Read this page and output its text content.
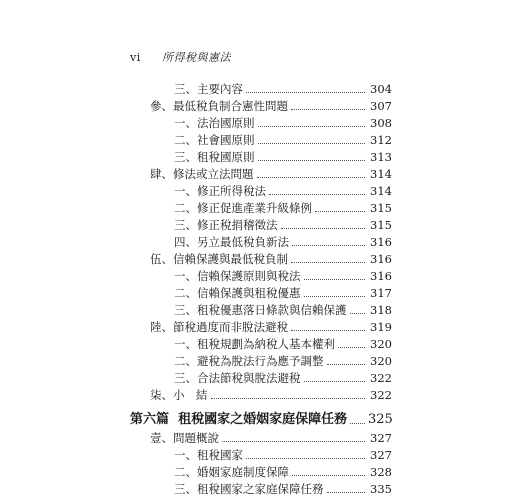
vi 所得稅與憲法
三、主要內容	304
參、最低稅負制合憲性問題	307
一、法治國原則	308
二、社會國原則	312
三、租稅國原則	313
肆、修法或立法問題	314
一、修正所得稅法	314
二、修正促進產業升級條例	315
三、修正稅捐稽徵法	315
四、另立最低稅負新法	316
伍、信賴保護與最低稅負制	316
一、信賴保護原則與稅法	316
二、信賴保護與租稅優惠	317
三、租稅優惠落日條款與信賴保護 318
陸、節稅過度而非脫法避稅	319
一、租稅規劃為納稅人基本權利	320
二、避稅為脫法行為應予調整	320
三、合法節稅與脫法避稅	322
柒、小　結	322
第六篇 租稅國家之婚姻家庭保障任務 325
壹、問題概說	327
一、租稅國家	327
二、婚姻家庭制度保障	328
三、租稅國家之家庭保障任務	335
